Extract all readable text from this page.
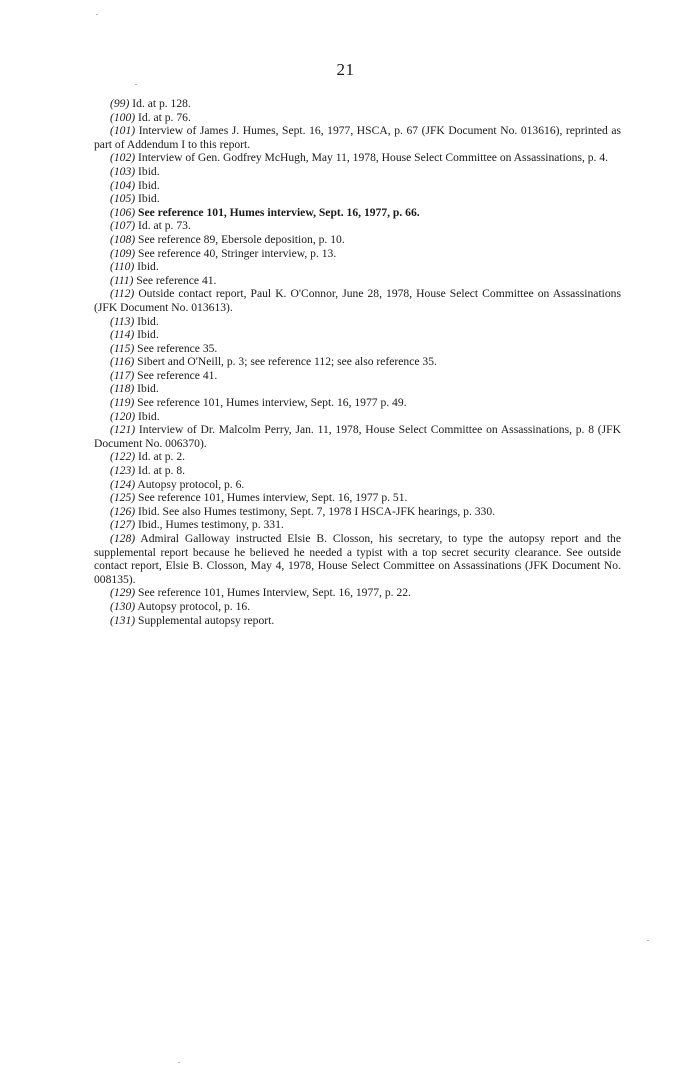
21

(99) Id. at p. 128.

(100) Id. at p. 76.

(101) Interview of James J. Humes, Sept. 16, 1977, HSCA, p. 67 (JFK Document No. 013616), reprinted as part of Addendum I to this report.

(102) Interview of Gen. Godfrey McHugh, May 11, 1978, House Select Committee on Assassinations, p. 4.

(103) Ibid.

(104) Ibid.

(105) Ibid.

(106) See reference 101, Humes interview, Sept. 16, 1977, p. 66.

(107) Id. at p. 73.

(108) See reference 89, Ebersole deposition, p. 10.

(109) See reference 40, Stringer interview, p. 13.

(110) Ibid.

(111) See reference 41.

(112) Outside contact report, Paul K. O'Connor, June 28, 1978, House Select Committee on Assassinations (JFK Document No. 013613).

(113) Ibid.

(114) Ibid.

(115) See reference 35.

(116) Sibert and O'Neill, p. 3; see reference 112; see also reference 35.

(117) See reference 41.

(118) Ibid.

(119) See reference 101, Humes interview, Sept. 16, 1977 p. 49.

(120) Ibid.

(121) Interview of Dr. Malcolm Perry, Jan. 11, 1978, House Select Committee on Assassinations, p. 8 (JFK Document No. 006370).

(122) Id. at p. 2.

(123) Id. at p. 8.

(124) Autopsy protocol, p. 6.

(125) See reference 101, Humes interview, Sept. 16, 1977 p. 51.

(126) Ibid. See also Humes testimony, Sept. 7, 1978 I HSCA-JFK hearings, p. 330.

(127) Ibid., Humes testimony, p. 331.

(128) Admiral Galloway instructed Elsie B. Closson, his secretary, to type the autopsy report and the supplemental report because he believed he needed a typist with a top secret security clearance. See outside contact report, Elsie B. Closson, May 4, 1978, House Select Committee on Assassinations (JFK Document No. 008135).

(129) See reference 101, Humes Interview, Sept. 16, 1977, p. 22.

(130) Autopsy protocol, p. 16.

(131) Supplemental autopsy report.
